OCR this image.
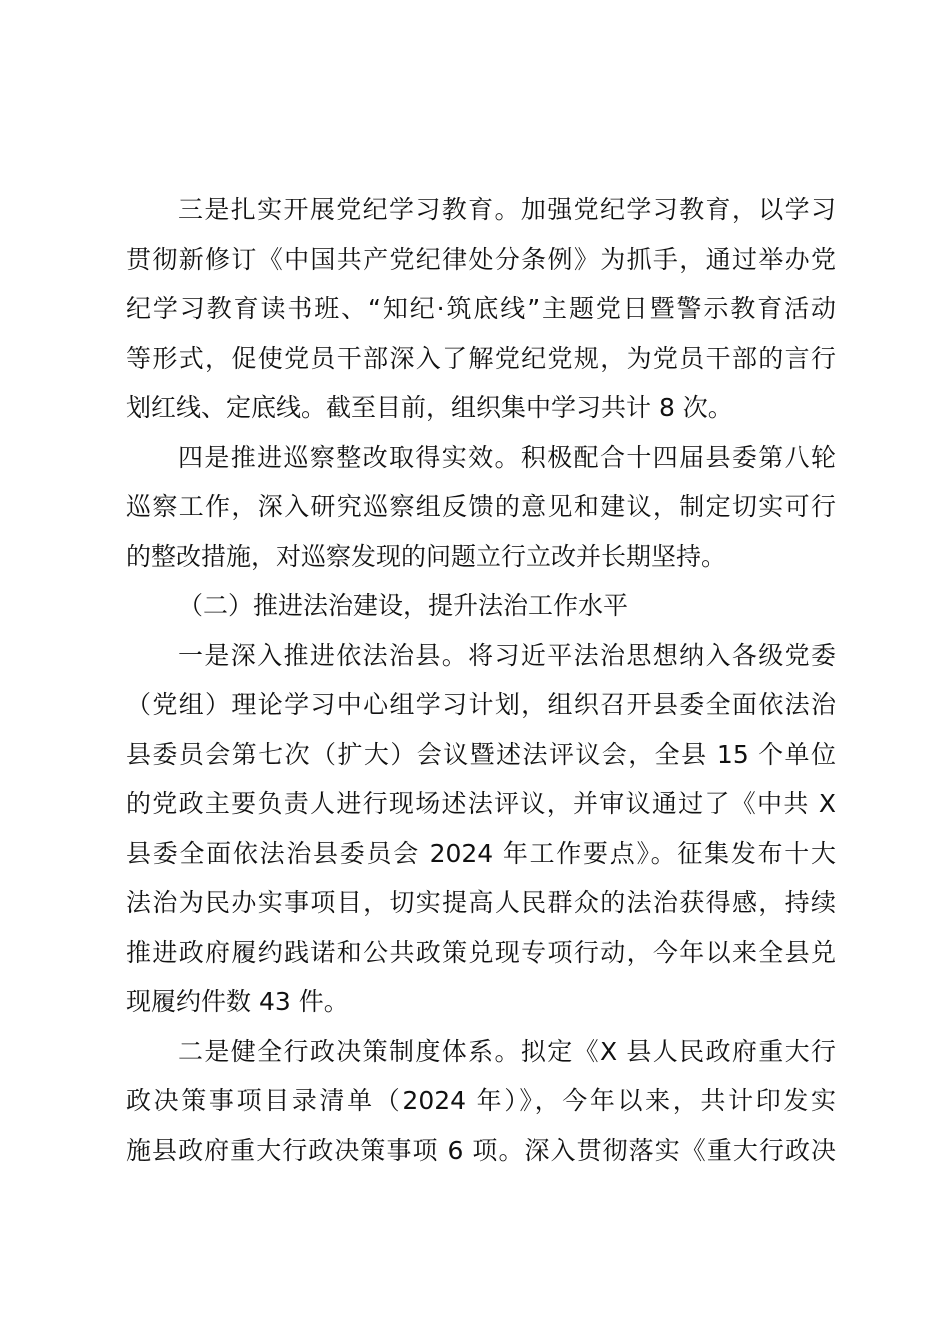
三是扎实开展党纪学习教育。加强党纪学习教育，以学习
贯彻新修订《中国共产党纪律处分条例》为抓手，通过举办党
纪学习教育读书班、“知纪·筑底线”主题党日暨警示教育活动
等形式，促使党员干部深入了解党纪党规，为党员干部的言行
划红线、定底线。截至目前，组织集中学习共计 8 次。
四是推进巡察整改取得实效。积极配合十四届县委第八轮
巡察工作，深入研究巡察组反馈的意见和建议，制定切实可行
的整改措施，对巡察发现的问题立行立改并长期坚持。
（二）推进法治建设，提升法治工作水平
一是深入推进依法治县。将习近平法治思想纳入各级党委
（党组）理论学习中心组学习计划，组织召开县委全面依法治
县委员会第七次（扩大）会议暨述法评议会，全县 15 个单位
的党政主要负责人进行现场述法评议，并审议通过了《中共 X
县委全面依法治县委员会 2024 年工作要点》。征集发布十大
法治为民办实事项目，切实提高人民群众的法治获得感，持续
推进政府履约践诺和公共政策兑现专项行动，今年以来全县兑
现履约件数 43 件。
二是健全行政决策制度体系。拟定《X 县人民政府重大行
政决策事项目录清单（2024 年）》，今年以来，共计印发实
施县政府重大行政决策事项 6 项。深入贯彻落实《重大行政决
